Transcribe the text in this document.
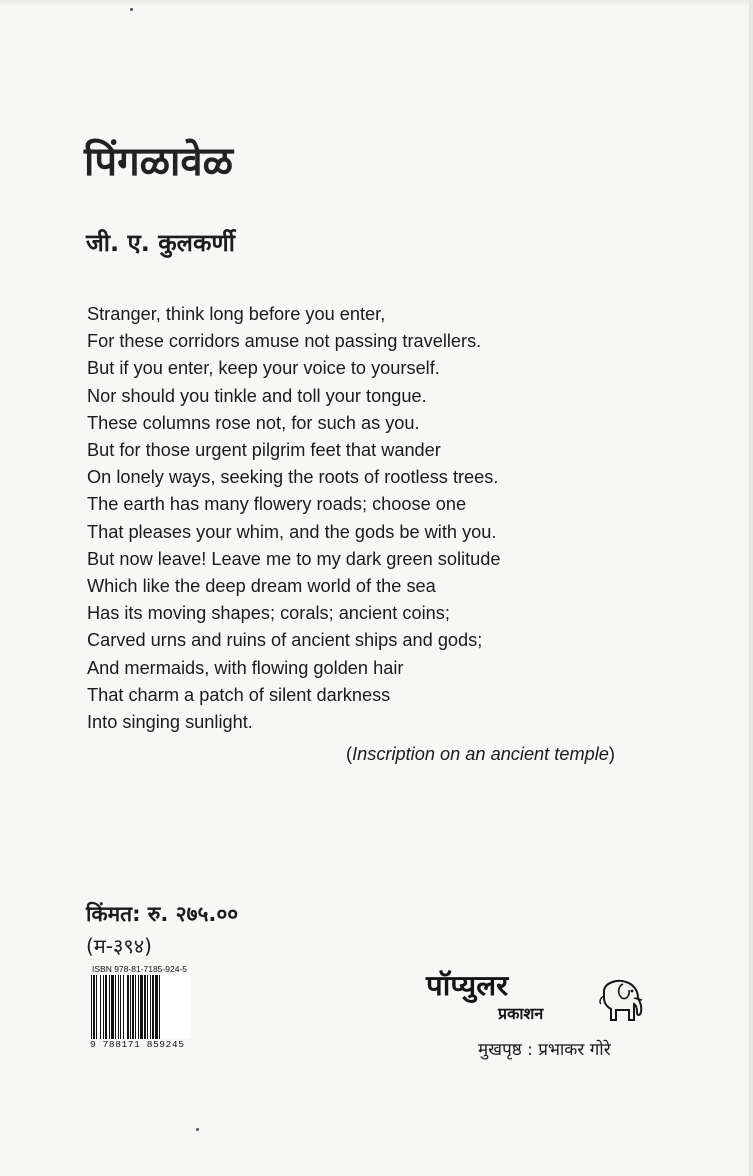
पिंगळावेळ
जी. ए. कुलकर्णी
Stranger, think long before you enter,
For these corridors amuse not passing travellers.
But if you enter, keep your voice to yourself.
Nor should you tinkle and toll your tongue.
These columns rose not, for such as you.
But for those urgent pilgrim feet that wander
On lonely ways, seeking the roots of rootless trees.
The earth has many flowery roads; choose one
That pleases your whim, and the gods be with you.
But now leave! Leave me to my dark green solitude
Which like the deep dream world of the sea
Has its moving shapes; corals; ancient coins;
Carved urns and ruins of ancient ships and gods;
And mermaids, with flowing golden hair
That charm a patch of silent darkness
Into singing sunlight.
(Inscription on an ancient temple)
किंमत: रु. २७५.००
(म-३९४)
ISBN 978-81-7185-924-5
9 788171 859245
पॉप्युलर
प्रकाशन
मुखपृष्ठ : प्रभाकर गोरे
